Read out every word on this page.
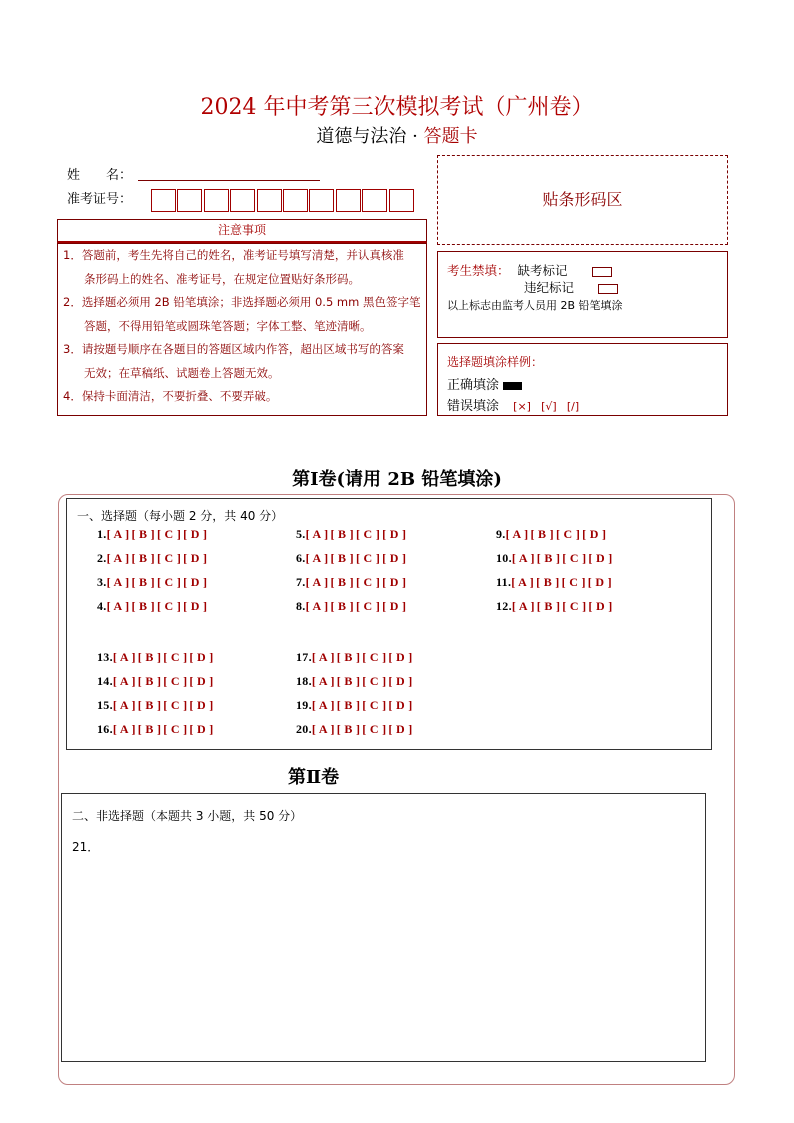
2024 年中考第三次模拟考试（广州卷）
道德与法治 · 答题卡
姓　　名：
准考证号：	贴条形码区
注意事项

1．答题前，考生先将自己的姓名，准考证号填写清楚，并认真核准
条形码上的姓名、准考证号，在规定位置贴好条形码。

2．选择题必须用 2B 铅笔填涂；非选择题必须用 0.5 mm 黑色签字笔
答题，不得用铅笔或圆珠笔答题；字体工整、笔迹清晰。

3．请按题号顺序在各题目的答题区域内作答，超出区域书写的答案
无效；在草稿纸、试题卷上答题无效。

4．保持卡面清洁，不要折叠、不要弄破。

考生禁填： 缺考标记
违纪标记
以上标志由监考人员用 2B 铅笔填涂
选择题填涂样例：
正确填涂
错误填涂 [×] [√] [/]
第Ⅰ卷(请用 2B 铅笔填涂)
一、选择题（每小题 2 分，共 40 分）
1.[ A ] [ B ] [ C ] [ D ]
2.[ A ] [ B ] [ C ] [ D ]
3.[ A ] [ B ] [ C ] [ D ]
4.[ A ] [ B ] [ C ] [ D ]
5.[ A ] [ B ] [ C ] [ D ]
6.[ A ] [ B ] [ C ] [ D ]
7.[ A ] [ B ] [ C ] [ D ]
8.[ A ] [ B ] [ C ] [ D ]
9.[ A ] [ B ] [ C ] [ D ]
10.[ A ] [ B ] [ C ] [ D ]
11.[ A ] [ B ] [ C ] [ D ]
12.[ A ] [ B ] [ C ] [ D ]
13.[ A ] [ B ] [ C ] [ D ]
14.[ A ] [ B ] [ C ] [ D ]
15.[ A ] [ B ] [ C ] [ D ]
16.[ A ] [ B ] [ C ] [ D ]
17.[ A ] [ B ] [ C ] [ D ]
18.[ A ] [ B ] [ C ] [ D ]
19.[ A ] [ B ] [ C ] [ D ]
20.[ A ] [ B ] [ C ] [ D ]
第Ⅱ卷
二、非选择题（本题共 3 小题，共 50 分）
21．
